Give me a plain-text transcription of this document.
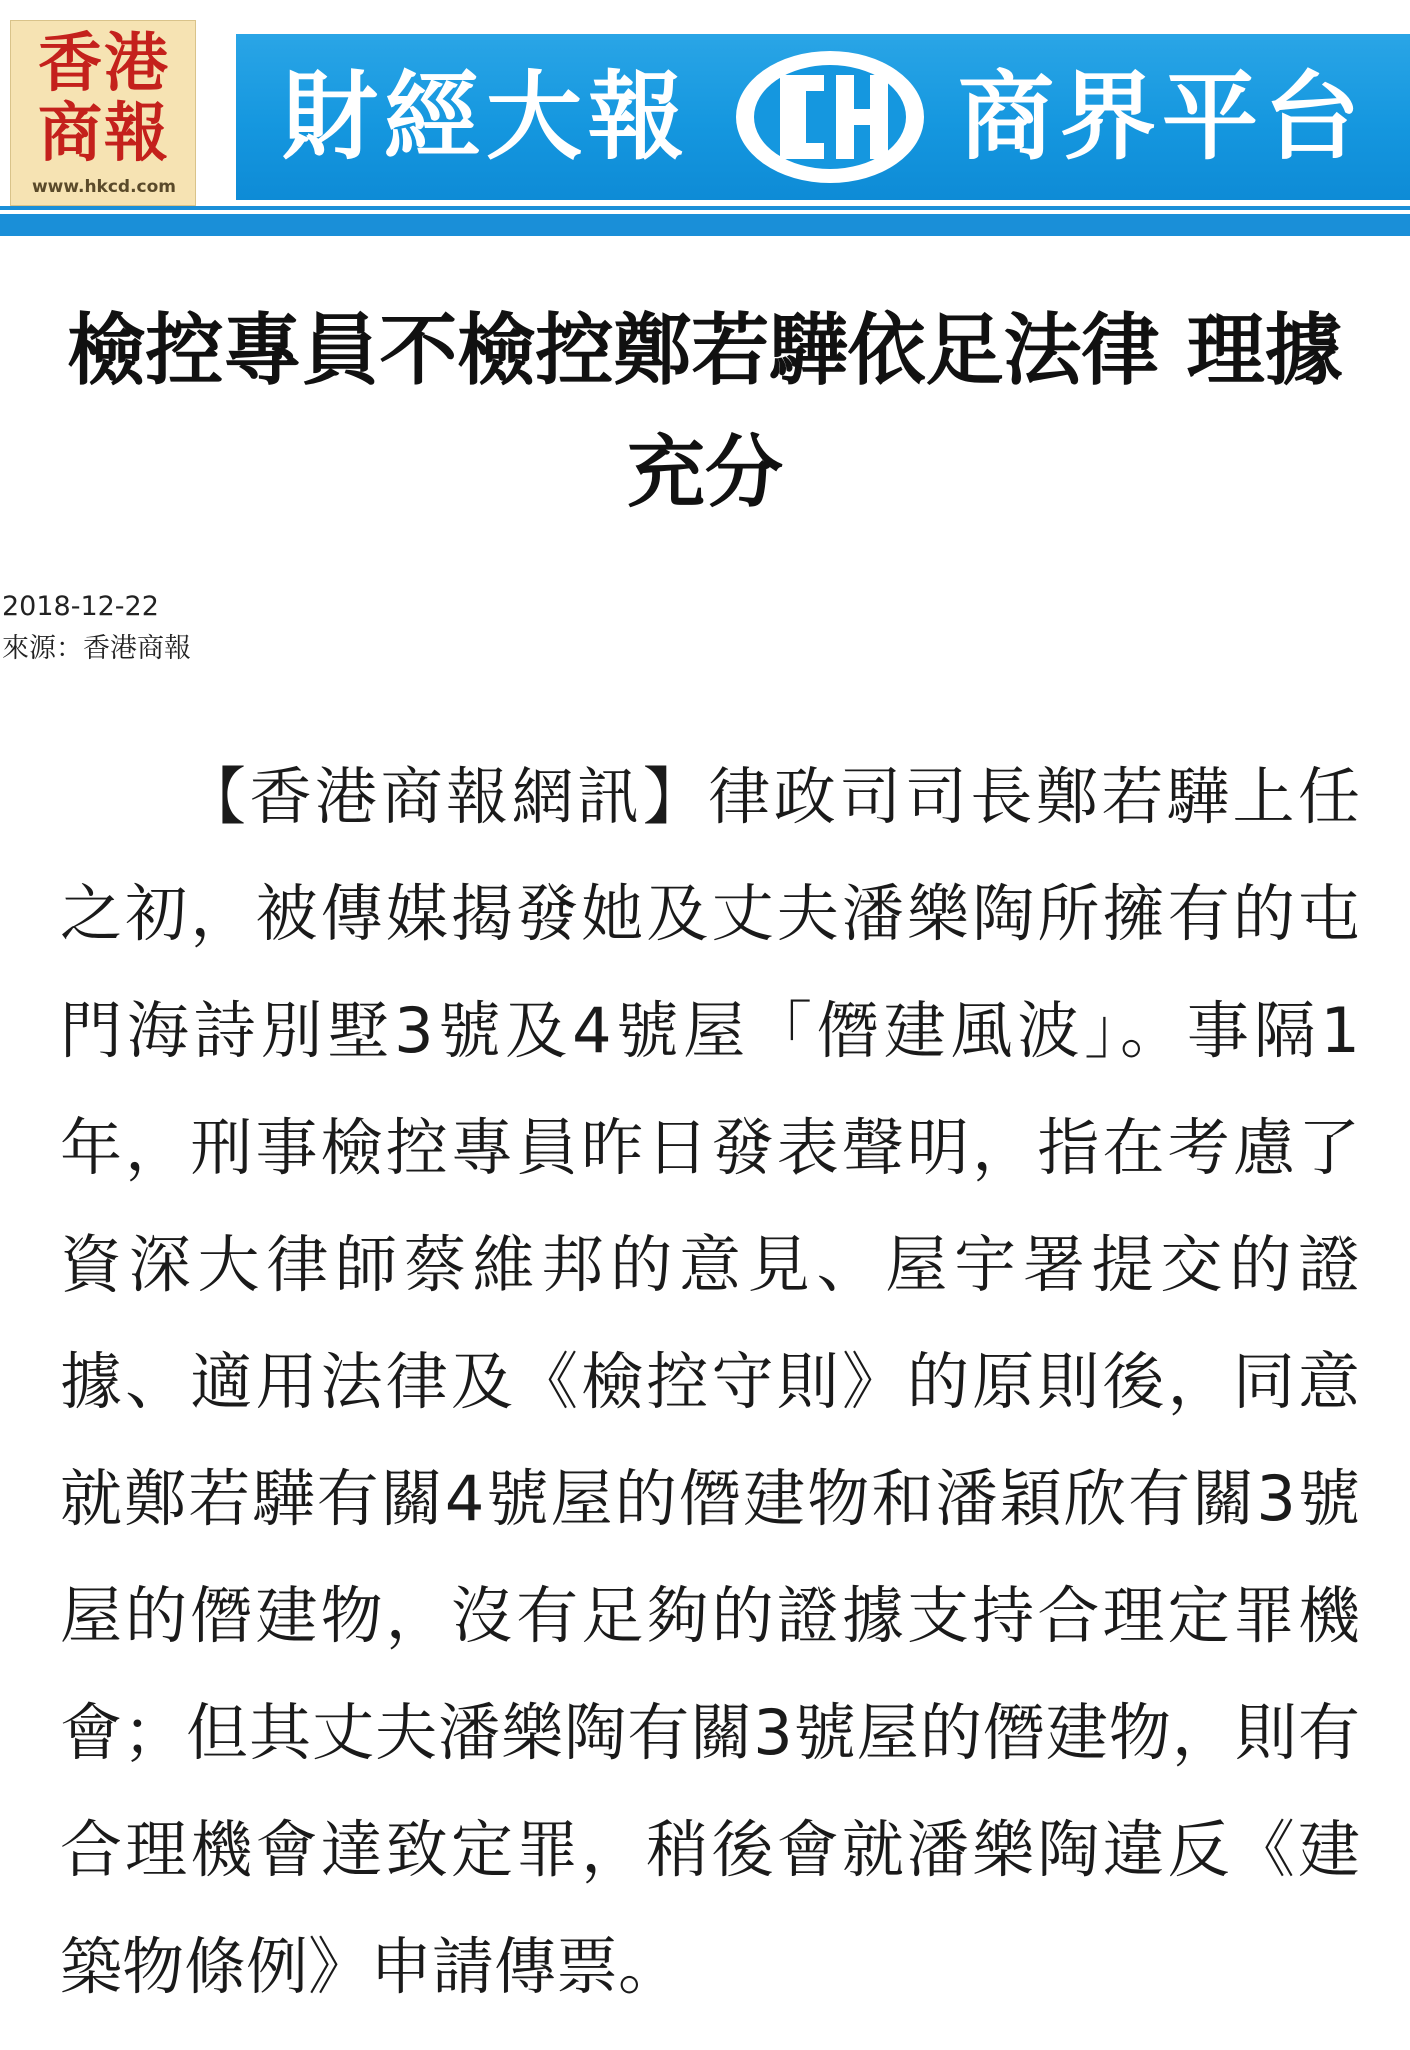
香港
商報
www.hkcd.com
財經大報	商界平台
檢控專員不檢控鄭若驊依足法律 理據充分
2018-12-22
來源：香港商報

【香港商報網訊】律政司司長鄭若驊上任之初，被傳媒揭發她及丈夫潘樂陶所擁有的屯門海詩別墅3號及4號屋「僭建風波」。事隔1年，刑事檢控專員昨日發表聲明，指在考慮了資深大律師蔡維邦的意見、屋宇署提交的證據、適用法律及《檢控守則》的原則後，同意就鄭若驊有關4號屋的僭建物和潘穎欣有關3號屋的僭建物，沒有足夠的證據支持合理定罪機會；但其丈夫潘樂陶有關3號屋的僭建物，則有合理機會達致定罪，稍後會就潘樂陶違反《建築物條例》申請傳票。
